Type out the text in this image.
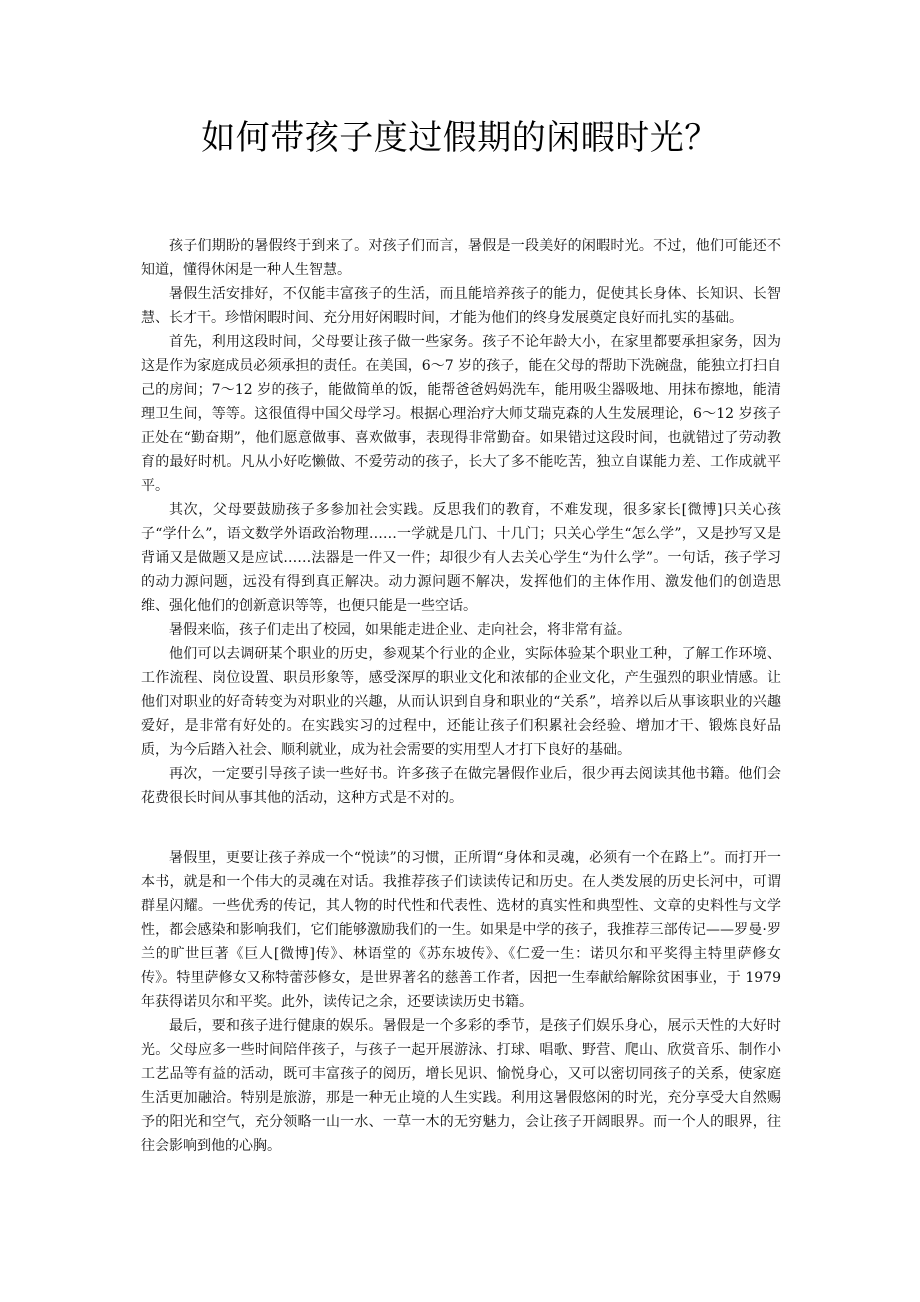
如何带孩子度过假期的闲暇时光？

孩子们期盼的暑假终于到来了。对孩子们而言，暑假是一段美好的闲暇时光。不过，他们可能还不知道，懂得休闲是一种人生智慧。

暑假生活安排好，不仅能丰富孩子的生活，而且能培养孩子的能力，促使其长身体、长知识、长智慧、长才干。珍惜闲暇时间、充分用好闲暇时间，才能为他们的终身发展奠定良好而扎实的基础。

首先，利用这段时间，父母要让孩子做一些家务。孩子不论年龄大小，在家里都要承担家务，因为这是作为家庭成员必须承担的责任。在美国，6～7 岁的孩子，能在父母的帮助下洗碗盘，能独立打扫自己的房间；7～12 岁的孩子，能做简单的饭，能帮爸爸妈妈洗车，能用吸尘器吸地、用抹布擦地，能清理卫生间，等等。这很值得中国父母学习。根据心理治疗大师艾瑞克森的人生发展理论，6～12 岁孩子正处在“勤奋期”，他们愿意做事、喜欢做事，表现得非常勤奋。如果错过这段时间，也就错过了劳动教育的最好时机。凡从小好吃懒做、不爱劳动的孩子，长大了多不能吃苦，独立自谋能力差、工作成就平平。

其次，父母要鼓励孩子多参加社会实践。反思我们的教育，不难发现，很多家长[微博]只关心孩子“学什么”，语文数学外语政治物理……一学就是几门、十几门；只关心学生“怎么学”，又是抄写又是背诵又是做题又是应试……法器是一件又一件；却很少有人去关心学生“为什么学”。一句话，孩子学习的动力源问题，远没有得到真正解决。动力源问题不解决，发挥他们的主体作用、激发他们的创造思维、强化他们的创新意识等等，也便只能是一些空话。

暑假来临，孩子们走出了校园，如果能走进企业、走向社会，将非常有益。

他们可以去调研某个职业的历史，参观某个行业的企业，实际体验某个职业工种，了解工作环境、工作流程、岗位设置、职员形象等，感受深厚的职业文化和浓郁的企业文化，产生强烈的职业情感。让他们对职业的好奇转变为对职业的兴趣，从而认识到自身和职业的“关系”，培养以后从事该职业的兴趣爱好，是非常有好处的。在实践实习的过程中，还能让孩子们积累社会经验、增加才干、锻炼良好品质，为今后踏入社会、顺利就业，成为社会需要的实用型人才打下良好的基础。

再次，一定要引导孩子读一些好书。许多孩子在做完暑假作业后，很少再去阅读其他书籍。他们会花费很长时间从事其他的活动，这种方式是不对的。

暑假里，更要让孩子养成一个“悦读”的习惯，正所谓“身体和灵魂，必须有一个在路上”。而打开一本书，就是和一个伟大的灵魂在对话。我推荐孩子们读读传记和历史。在人类发展的历史长河中，可谓群星闪耀。一些优秀的传记，其人物的时代性和代表性、选材的真实性和典型性、文章的史料性与文学性，都会感染和影响我们，它们能够激励我们的一生。如果是中学的孩子，我推荐三部传记——罗曼·罗兰的旷世巨著《巨人[微博]传》、林语堂的《苏东坡传》、《仁爱一生：诺贝尔和平奖得主特里萨修女传》。特里萨修女又称特蕾莎修女，是世界著名的慈善工作者，因把一生奉献给解除贫困事业，于 1979 年获得诺贝尔和平奖。此外，读传记之余，还要读读历史书籍。

最后，要和孩子进行健康的娱乐。暑假是一个多彩的季节，是孩子们娱乐身心，展示天性的大好时光。父母应多一些时间陪伴孩子，与孩子一起开展游泳、打球、唱歌、野营、爬山、欣赏音乐、制作小工艺品等有益的活动，既可丰富孩子的阅历，增长见识、愉悦身心，又可以密切同孩子的关系，使家庭生活更加融洽。特别是旅游，那是一种无止境的人生实践。利用这暑假悠闲的时光，充分享受大自然赐予的阳光和空气，充分领略一山一水、一草一木的无穷魅力，会让孩子开阔眼界。而一个人的眼界，往往会影响到他的心胸。
